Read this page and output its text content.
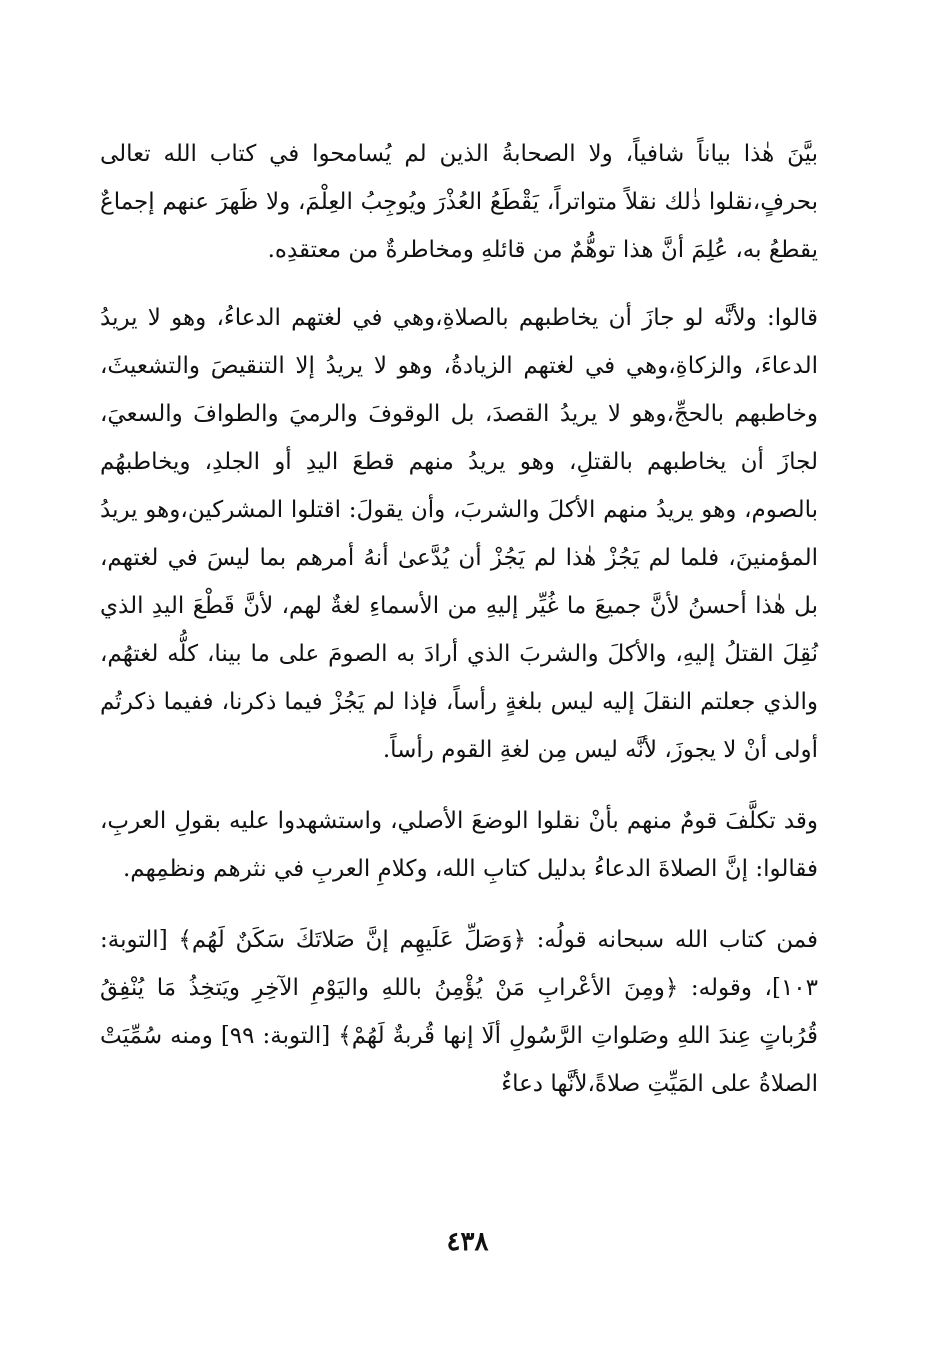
بيَّنَ هٰذا بياناً شافياً، ولا الصحابةُ الذين لم يُسامحوا في كتاب الله تعالى بحرفٍ،نقلوا ذٰلك نقلاً متواتراً، يَقْطَعُ العُذْرَ ويُوجِبُ العِلْمَ، ولا ظَهرَ عنهم إجماعٌ يقطعُ به، عُلِمَ أنَّ هذا توهُّمٌ من قائلهِ ومخاطرةٌ من معتقدِه.

قالوا: ولأنَّه لو جازَ أن يخاطبهم بالصلاةِ،وهي في لغتهم الدعاءُ، وهو لا يريدُ الدعاءَ، والزكاةِ،وهي في لغتهم الزيادةُ، وهو لا يريدُ إلا التنقيصَ والتشعيثَ، وخاطبهم بالحجِّ،وهو لا يريدُ القصدَ، بل الوقوفَ والرميَ والطوافَ والسعيَ، لجازَ أن يخاطبهم بالقتلِ، وهو يريدُ منهم قطعَ اليدِ أو الجلدِ، ويخاطبهُم بالصوم، وهو يريدُ منهم الأكلَ والشربَ، وأن يقولَ: اقتلوا المشركين،وهو يريدُ المؤمنينَ، فلما لم يَجُزْ هٰذا لم يَجُزْ أن يُدَّعىٰ أنهُ أمرهم بما ليسَ في لغتهم، بل هٰذا أحسنُ لأنَّ جميعَ ما غُيِّر إليهِ من الأسماءِ لغةٌ لهم، لأنَّ قَطْعَ اليدِ الذي نُقِلَ القتلُ إليهِ، والأكلَ والشربَ الذي أرادَ به الصومَ على ما بينا، كلُّه لغتهُم، والذي جعلتم النقلَ إليه ليس بلغةٍ رأساً، فإذا لم يَجُزْ فيما ذكرنا، ففيما ذكرتُم أولى أنْ لا يجوزَ، لأنَّه ليس مِن لغةِ القوم رأساً.

وقد تكلَّفَ قومٌ منهم بأنْ نقلوا الوضعَ الأصلي، واستشهدوا عليه بقولِ العربِ، فقالوا: إنَّ الصلاةَ الدعاءُ بدليل كتابِ الله، وكلامِ العربِ في نثرهم ونظمِهم.

فمن كتاب الله سبحانه قولُه: ﴿وَصَلِّ عَلَيهِم إنَّ صَلاتَكَ سَكَنٌ لَهُم﴾ [التوبة: ١٠٣]، وقوله: ﴿ومِنَ الأعْرابِ مَنْ يُؤْمِنُ باللهِ واليَوْمِ الآخِرِ ويَتخِذُ مَا يُنْفِقُ قُرُباتٍ عِندَ اللهِ وصَلواتِ الرَّسُولِ ألَا إنها قُربةٌ لَهُمْ﴾ [التوبة: ٩٩] ومنه سُمِّيَتْ الصلاةُ على المَيِّتِ صلاةً،لأنَّها دعاءٌ

٤٣٨
